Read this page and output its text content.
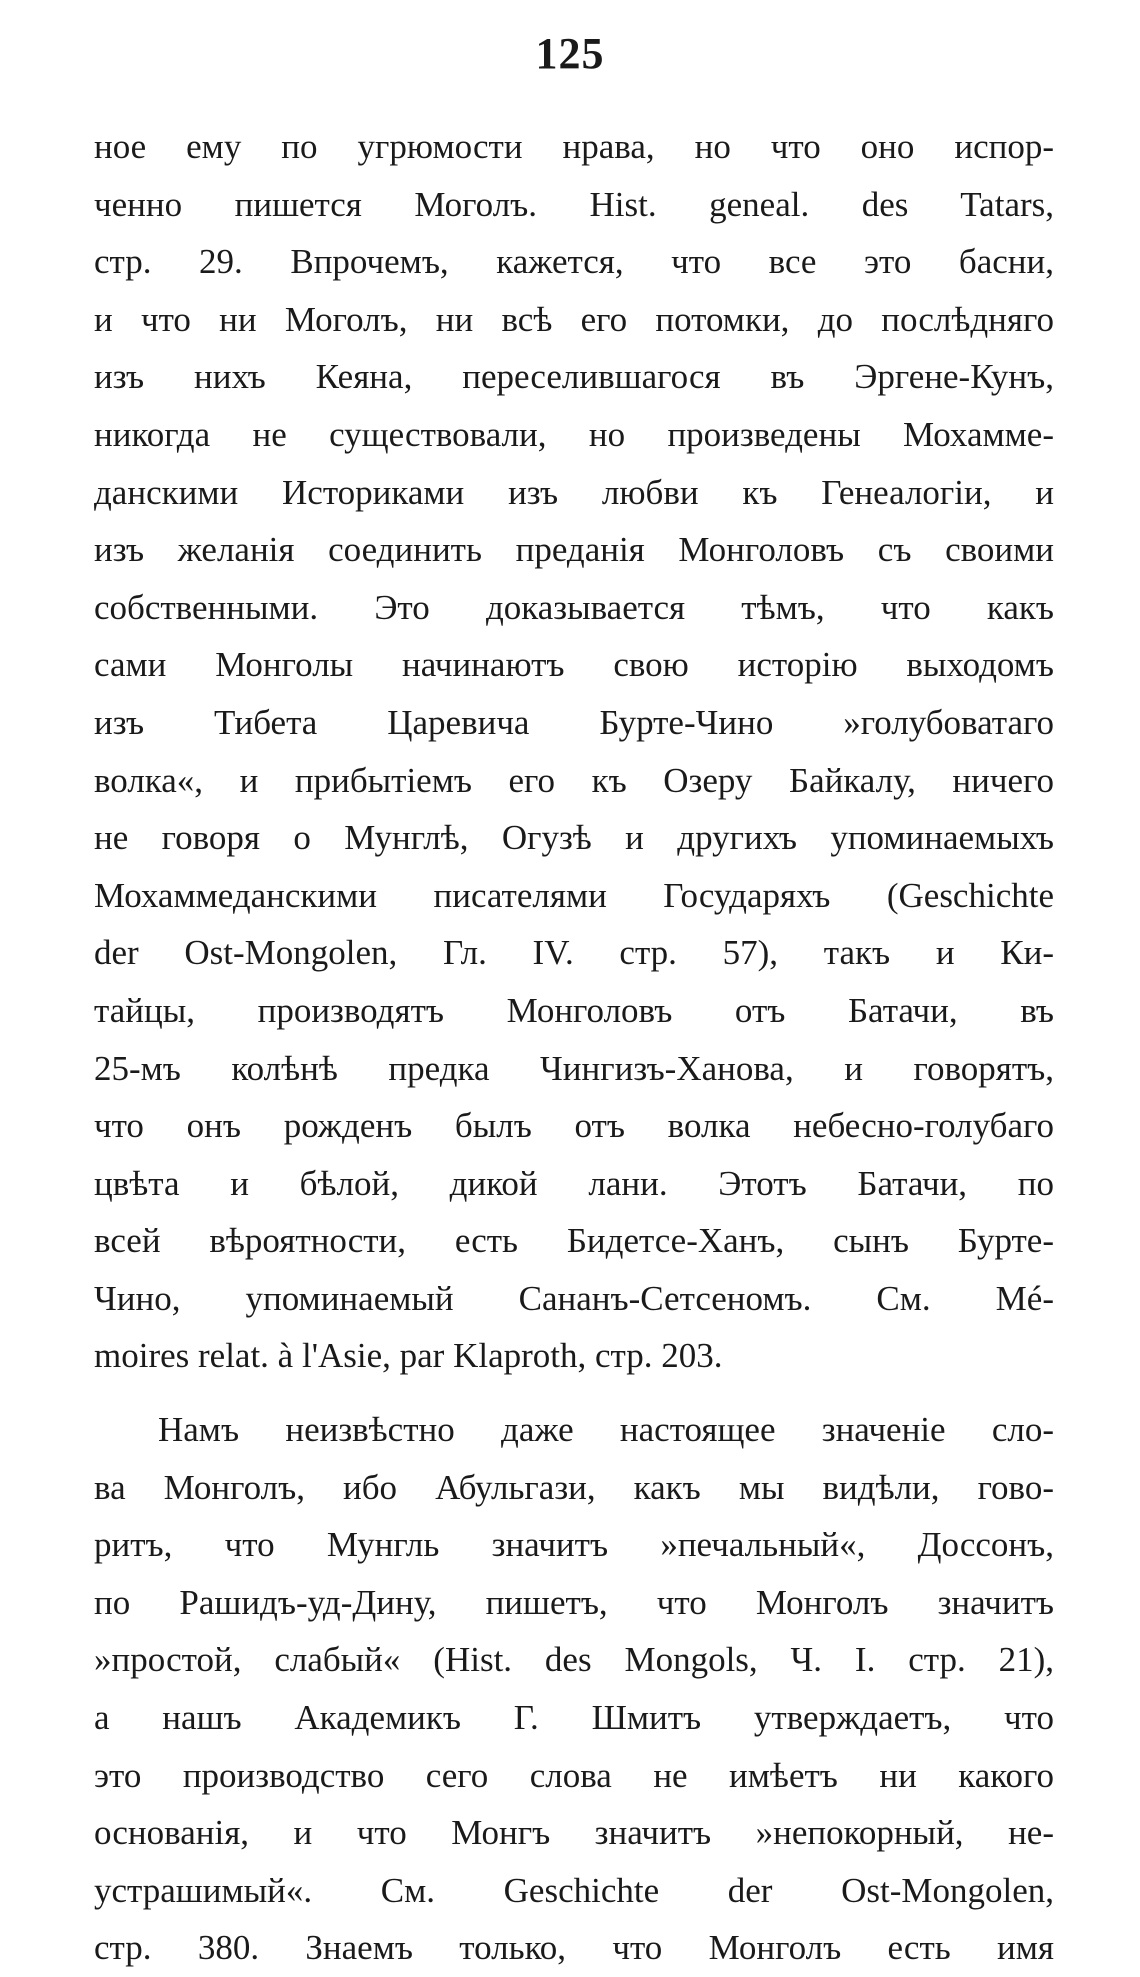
125
ное ему по угрюмости нрава, но что оно испор-
ченно пишется Моголъ. Hist. geneal. des Tatars,
стр. 29. Впрочемъ, кажется, что все это басни,
и что ни Моголъ, ни всѣ его потомки, до послѣдняго
изъ нихъ Кеяна, переселившагося въ Эргене-Кунъ,
никогда не существовали, но произведены Мохамме-
данскими Историками изъ любви къ Генеалогіи, и
изъ желанія соединить преданія Монголовъ съ своими
собственными. Это доказывается тѣмъ, что какъ
сами Монголы начинаютъ свою исторію выходомъ
изъ Тибета Царевича Бурте-Чино »голубоватаго
волка«, и прибытіемъ его къ Озеру Байкалу, ничего
не говоря о Мунглѣ, Огузѣ и другихъ упоминаемыхъ
Мохаммеданскими писателями Государяхъ (Geschichte
der Ost-Mongolen, Гл. IV. стр. 57), такъ и Ки-
тайцы, производятъ Монголовъ отъ Батачи, въ
25-мъ колѣнѣ предка Чингизъ-Ханова, и говорятъ,
что онъ рожденъ былъ отъ волка небесно-голубаго
цвѣта и бѣлой, дикой лани. Этотъ Батачи, по
всей вѣроятности, есть Бидетсе-Ханъ, сынъ Бурте-
Чино, упоминаемый Сананъ-Сетсеномъ. См. Mé-
moires relat. à l'Asie, par Klaproth, стр. 203.
Намъ неизвѣстно даже настоящее значеніе сло-
ва Монголъ, ибо Абульгази, какъ мы видѣли, гово-
ритъ, что Мунгль значитъ »печальный«, Доссонъ,
по Рашидъ-уд-Дину, пишетъ, что Монголъ значитъ
»простой, слабый« (Hist. des Mongols, Ч. I. стр. 21),
а нашъ Академикъ Г. Шмитъ утверждаетъ, что
это производство сего слова не имѣетъ ни какого
основанія, и что Монгъ значитъ »непокорный, не-
устрашимый«. См. Geschichte der Ost-Mongolen,
стр. 380. Знаемъ только, что Монголъ есть имя
